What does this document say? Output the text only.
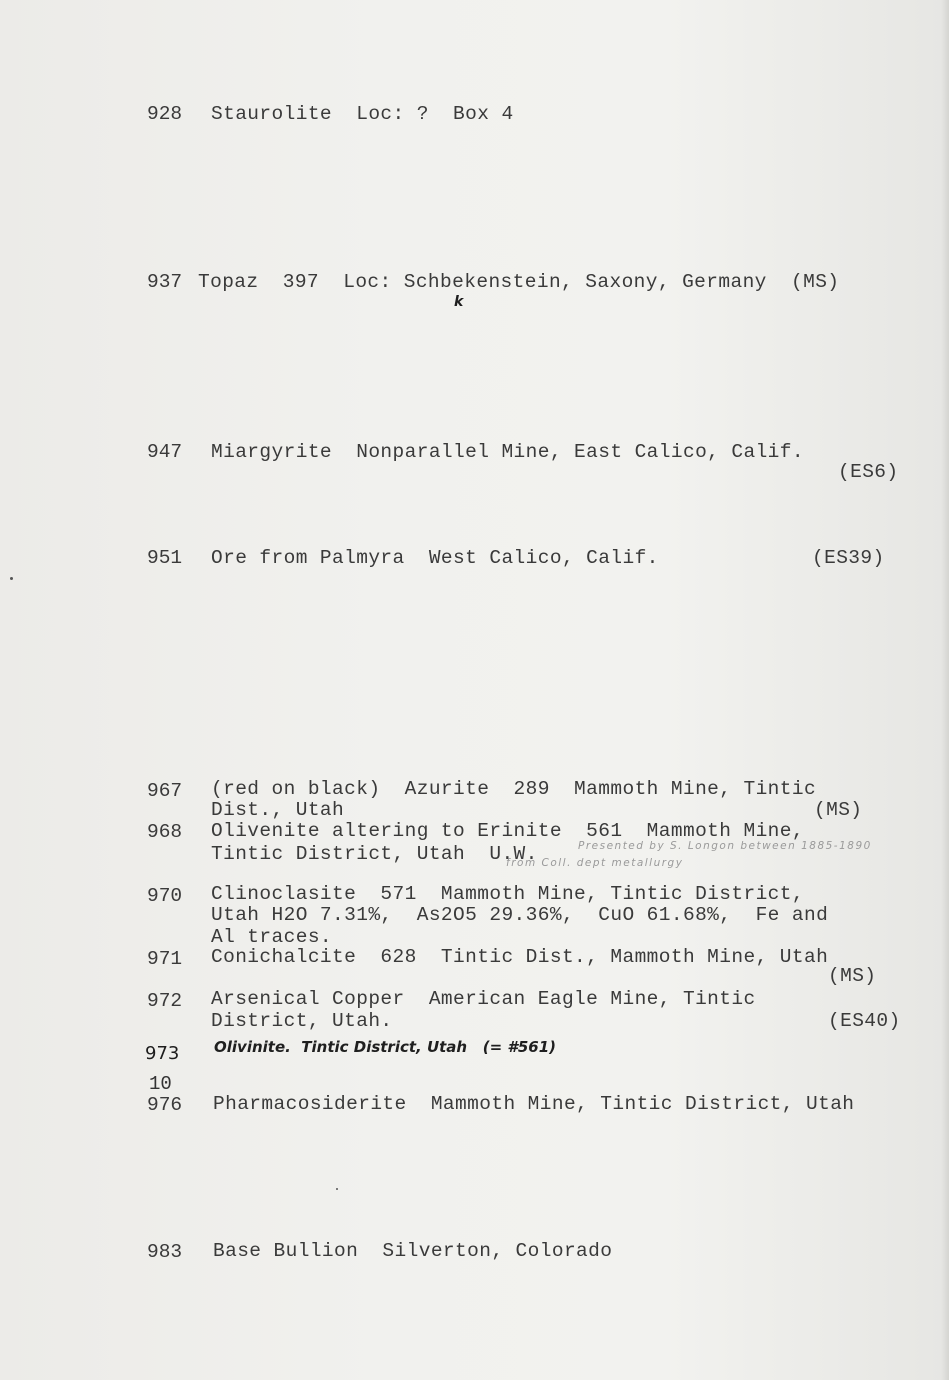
928 Staurolite  Loc: ?  Box 4
937 Topaz  397  Loc: Schbekenstein, Saxony, Germany  (MS)
k
947 Miargyrite  Nonparallel Mine, East Calico, Calif.
(ES6)
951 Ore from Palmyra  West Calico, Calif.	(ES39)
967 (red on black)  Azurite  289  Mammoth Mine, Tintic
Dist., Utah	(MS)
968 Olivenite altering to Erinite  561  Mammoth Mine,
Tintic District, Utah  U.W.	Presented by S. Longon between 1885-1890
from Coll. dept metallurgy
970 Clinoclasite  571  Mammoth Mine, Tintic District,
Utah H2O 7.31%,  As2O5 29.36%,  CuO 61.68%,  Fe and
Al traces.
971 Conichalcite  628  Tintic Dist., Mammoth Mine, Utah
(MS)
972 Arsenical Copper  American Eagle Mine, Tintic
District, Utah.	(ES40)
973 Olivinite.  Tintic District, Utah   (= #561)
10
976 Pharmacosiderite  Mammoth Mine, Tintic District, Utah
983 Base Bullion  Silverton, Colorado
